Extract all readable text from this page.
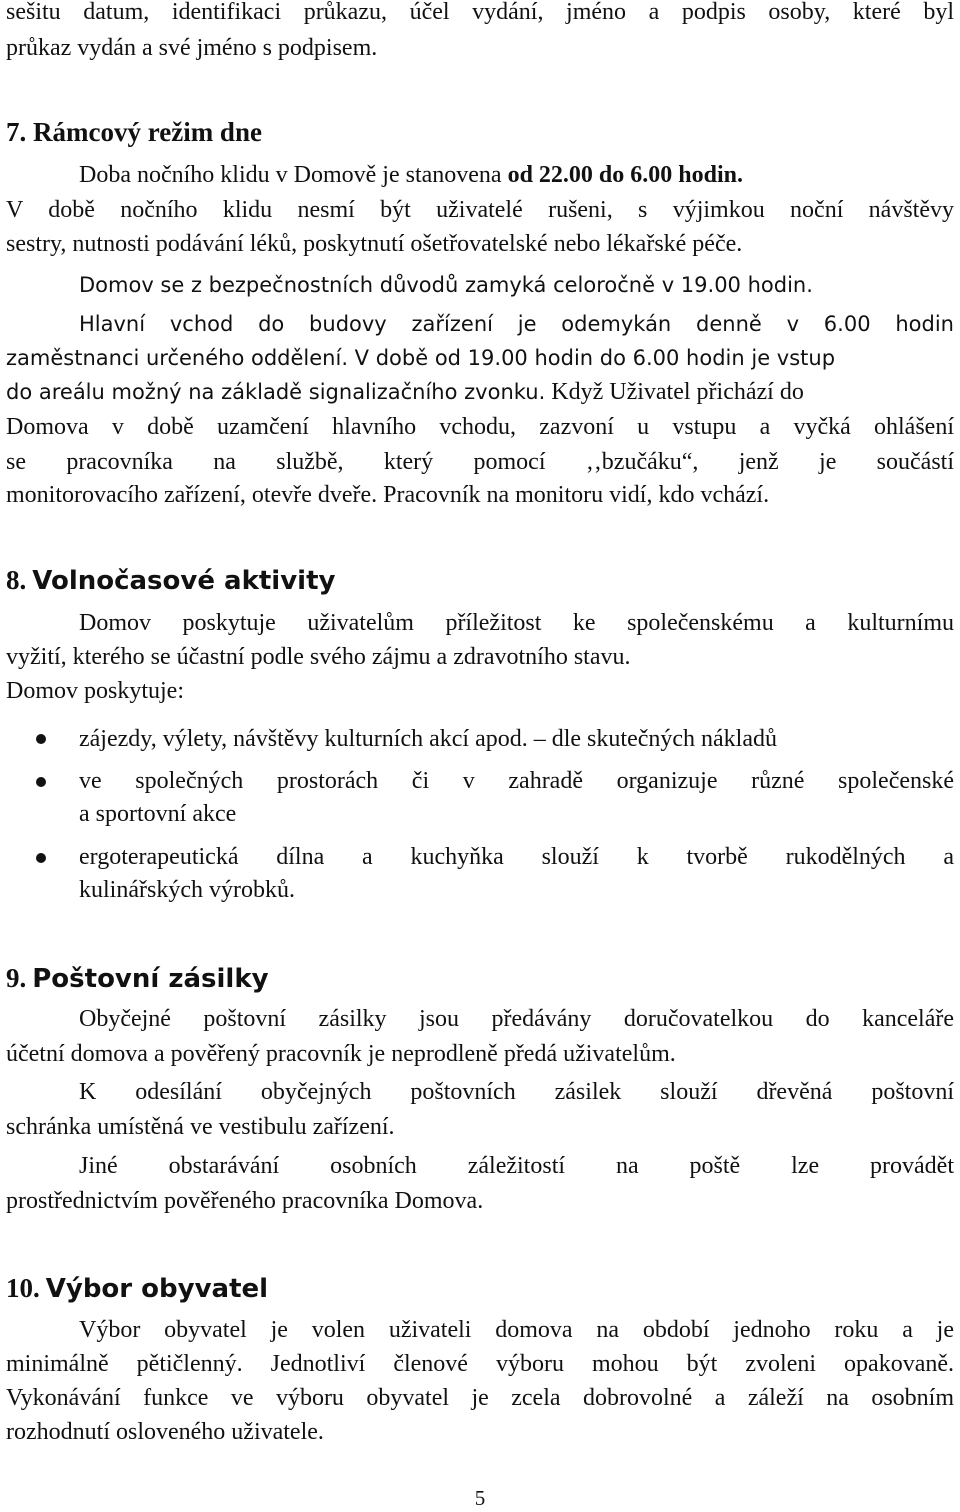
sešitu datum, identifikaci průkazu, účel vydání, jméno a podpis osoby, které byl

průkaz vydán a své jméno s podpisem.

7. Rámcový režim dne

Doba nočního klidu v Domově je stanovena od 22.00 do 6.00 hodin.

V době nočního klidu nesmí být uživatelé rušeni, s výjimkou noční návštěvy

sestry, nutnosti podávání léků, poskytnutí ošetřovatelské nebo lékařské péče.

Domov se z bezpečnostních důvodů zamyká celoročně v 19.00 hodin.

Hlavní vchod do budovy zařízení je odemykán denně v 6.00 hodin

zaměstnanci určeného oddělení. V době od 19.00 hodin do 6.00 hodin je vstup

do areálu možný na základě signalizačního zvonku. Když Uživatel přichází do

Domova v době uzamčení hlavního vchodu, zazvoní u vstupu a vyčká ohlášení

se pracovníka na službě, který pomocí ‚‚bzučáku“, jenž je součástí

monitorovacího zařízení, otevře dveře. Pracovník na monitoru vidí, kdo vchází.

8. Volnočasové aktivity

Domov poskytuje uživatelům příležitost ke společenskému a kulturnímu

vyžití, kterého se účastní podle svého zájmu a zdravotního stavu.

Domov poskytuje:

zájezdy, výlety, návštěvy kulturních akcí apod. – dle skutečných nákladů

ve společných prostorách či v zahradě organizuje různé společenské

a sportovní akce

ergoterapeutická dílna a kuchyňka slouží k tvorbě rukodělných a

kulinářských výrobků.

9. Poštovní zásilky

Obyčejné poštovní zásilky jsou předávány doručovatelkou do kanceláře

účetní domova a pověřený pracovník je neprodleně předá uživatelům.

K odesílání obyčejných poštovních zásilek slouží dřevěná poštovní

schránka umístěná ve vestibulu zařízení.

Jiné obstarávání osobních záležitostí na poště lze provádět

prostřednictvím pověřeného pracovníka Domova.

10. Výbor obyvatel

Výbor obyvatel je volen uživateli domova na období jednoho roku a je

minimálně pětičlenný. Jednotliví členové výboru mohou být zvoleni opakovaně.

Vykonávání funkce ve výboru obyvatel je zcela dobrovolné a záleží na osobním

rozhodnutí osloveného uživatele.

5
